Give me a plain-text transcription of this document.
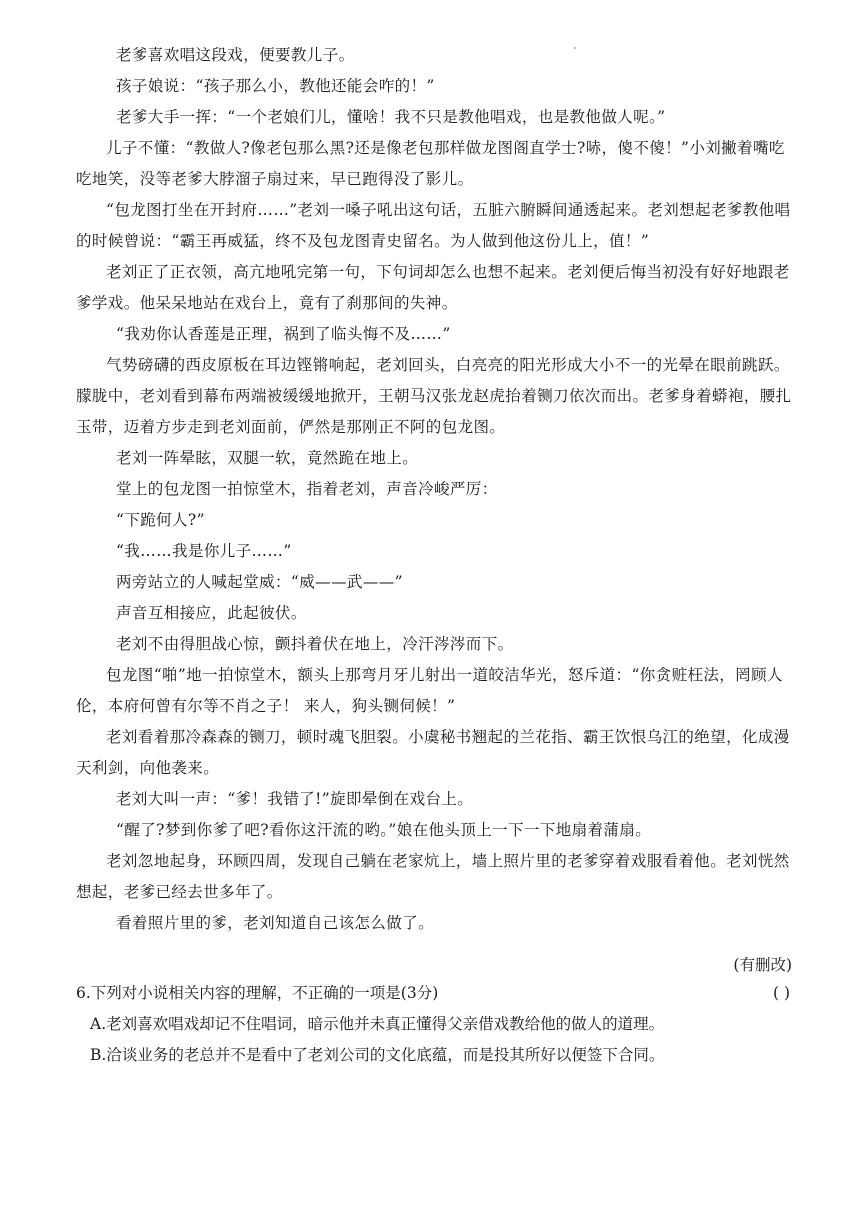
老爹喜欢唱这段戏，便要教儿子。

孩子娘说：“孩子那么小，教他还能会咋的！”

老爹大手一挥：“一个老娘们儿，懂啥！我不只是教他唱戏，也是教他做人呢。”

儿子不懂：“教做人?像老包那么黑?还是像老包那样做龙图阁直学士?哧，傻不傻！”小刘撇着嘴吃吃地笑，没等老爹大脖溜子扇过来，早已跑得没了影儿。

“包龙图打坐在开封府……”老刘一嗓子吼出这句话，五脏六腑瞬间通透起来。老刘想起老爹教他唱的时候曾说：“霸王再威猛，终不及包龙图青史留名。为人做到他这份儿上，值！”

老刘正了正衣领，高亢地吼完第一句，下句词却怎么也想不起来。老刘便后悔当初没有好好地跟老爹学戏。他呆呆地站在戏台上，竟有了刹那间的失神。

“我劝你认香莲是正理，祸到了临头悔不及……”

气势磅礴的西皮原板在耳边铿锵响起，老刘回头，白亮亮的阳光形成大小不一的光晕在眼前跳跃。朦胧中，老刘看到幕布两端被缓缓地掀开，王朝马汉张龙赵虎抬着铡刀依次而出。老爹身着蟒袍，腰扎玉带，迈着方步走到老刘面前，俨然是那刚正不阿的包龙图。

老刘一阵晕眩，双腿一软，竟然跪在地上。

堂上的包龙图一拍惊堂木，指着老刘，声音冷峻严厉：

“下跪何人?”

“我……我是你儿子……”

两旁站立的人喊起堂威：“威——武——”

声音互相接应，此起彼伏。

老刘不由得胆战心惊，颤抖着伏在地上，冷汗涔涔而下。

包龙图“啪”地一拍惊堂木，额头上那弯月牙儿射出一道皎洁华光，怒斥道：“你贪赃枉法，罔顾人伦，本府何曾有尔等不肖之子！ 来人，狗头铡伺候！”

老刘看着那冷森森的铡刀，顿时魂飞胆裂。小虞秘书翘起的兰花指、霸王饮恨乌江的绝望，化成漫天利剑，向他袭来。

老刘大叫一声：“爹！我错了!”旋即晕倒在戏台上。

“醒了?梦到你爹了吧?看你这汗流的哟。”娘在他头顶上一下一下地扇着蒲扇。

老刘忽地起身，环顾四周，发现自己躺在老家炕上，墙上照片里的老爹穿着戏服看着他。老刘恍然想起，老爹已经去世多年了。

看着照片里的爹，老刘知道自己该怎么做了。

(有删改)
6.下列对小说相关内容的理解，不正确的一项是(3分)	( )
A.老刘喜欢唱戏却记不住唱词，暗示他并未真正懂得父亲借戏教给他的做人的道理。
B.洽谈业务的老总并不是看中了老刘公司的文化底蕴，而是投其所好以便签下合同。
